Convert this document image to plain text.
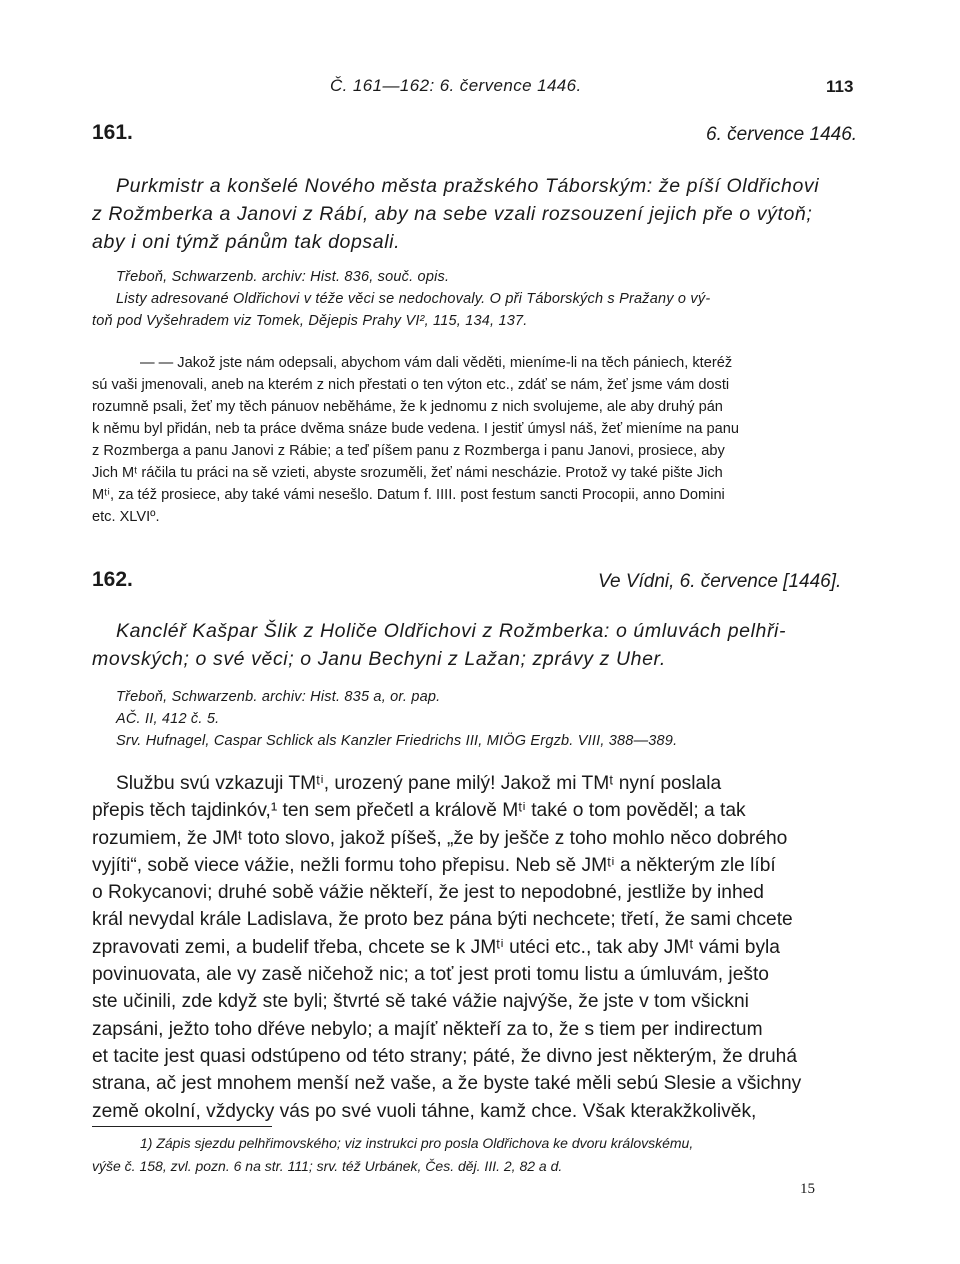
Č. 161—162: 6. července 1446.	113
161.	6. července 1446.
Purkmistr a konšelé Nového města pražského Táborským: že píší Oldřichovi
z Rožmberka a Janovi z Rábí, aby na sebe vzali rozsouzení jejich pře o výtoň;
aby i oni týmž pánům tak dopsali.
Třeboň, Schwarzenb. archiv: Hist. 836, souč. opis.
Listy adresované Oldřichovi v téže věci se nedochovaly. O při Táborských s Pražany o vý-
toň pod Vyšehradem viz Tomek, Dějepis Prahy VI², 115, 134, 137.
— — Jakož jste nám odepsali, abychom vám dali věděti, mieníme-li na těch pániech, kteréž
sú vaši jmenovali, aneb na kterém z nich přestati o ten výton etc., zdáť se nám, žeť jsme vám dosti
rozumně psali, žeť my těch pánuov neběháme, že k jednomu z nich svolujeme, ale aby druhý pán
k němu byl přidán, neb ta práce dvěma snáze bude vedena. I jestiť úmysl náš, žeť mieníme na panu
z Rozmberga a panu Janovi z Rábie; a teď píšem panu z Rozmberga i panu Janovi, prosiece, aby
Jich Mᵗ ráčila tu práci na sě vzieti, abyste srozuměli, žeť námi nescházie. Protož vy také pište Jich
Mᵗⁱ, za též prosiece, aby také vámi nesešlo. Datum f. IIII. post festum sancti Procopii, anno Domini
etc. XLVIº.
162.	Ve Vídni, 6. července [1446].
Kancléř Kašpar Šlik z Holiče Oldřichovi z Rožmberka: o úmluvách pelhři-
movských; o své věci; o Janu Bechyni z Lažan; zprávy z Uher.
Třeboň, Schwarzenb. archiv: Hist. 835 a, or. pap.
AČ. II, 412 č. 5.
Srv. Hufnagel, Caspar Schlick als Kanzler Friedrichs III, MIÖG Ergzb. VIII, 388—389.
Službu svú vzkazuji TMᵗⁱ, urozený pane milý! Jakož mi TMᵗ nyní poslala
přepis těch tajdinkóv,¹ ten sem přečetl a králově Mᵗⁱ také o tom pověděl; a tak
rozumiem, že JMᵗ toto slovo, jakož píšeš, „že by ješče z toho mohlo něco dobrého
vyjíti“, sobě viece vážie, nežli formu toho přepisu. Neb sě JMᵗⁱ a některým zle líbí
o Rokycanovi; druhé sobě vážie někteří, že jest to nepodobné, jestliže by inhed
král nevydal krále Ladislava, že proto bez pána býti nechcete; třetí, že sami chcete
zpravovati zemi, a budelif třeba, chcete se k JMᵗⁱ utéci etc., tak aby JMᵗ vámi byla
povinuovata, ale vy zasě ničehož nic; a toť jest proti tomu listu a úmluvám, ješto
ste učinili, zde když ste byli; štvrté sě také vážie najvýše, že jste v tom všickni
zapsáni, ježto toho dřéve nebylo; a majíť někteří za to, že s tiem per indirectum
et tacite jest quasi odstúpeno od této strany; páté, že divno jest některým, že druhá
strana, ač jest mnohem menší než vaše, a že byste také měli sebú Slesie a všichny
země okolní, vždycky vás po své vuoli táhne, kamž chce. Však kterakžkolivěk,
1) Zápis sjezdu pelhřimovského; viz instrukci pro posla Oldřichova ke dvoru královskému,
výše č. 158, zvl. pozn. 6 na str. 111; srv. též Urbánek, Čes. děj. III. 2, 82 a d.
15
